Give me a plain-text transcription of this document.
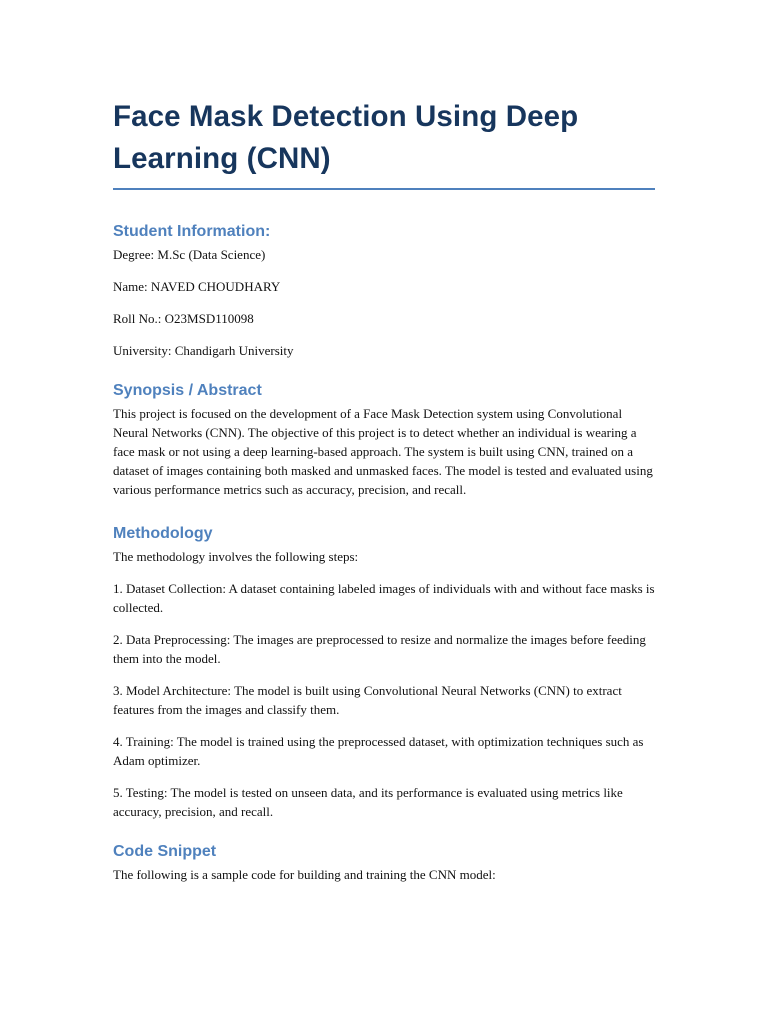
Face Mask Detection Using Deep Learning (CNN)
Student Information:

Degree: M.Sc (Data Science)

Name: NAVED CHOUDHARY

Roll No.: O23MSD110098

University: Chandigarh University

Synopsis / Abstract

This project is focused on the development of a Face Mask Detection system using Convolutional Neural Networks (CNN). The objective of this project is to detect whether an individual is wearing a face mask or not using a deep learning-based approach. The system is built using CNN, trained on a dataset of images containing both masked and unmasked faces. The model is tested and evaluated using various performance metrics such as accuracy, precision, and recall.

Methodology

The methodology involves the following steps:

1. Dataset Collection: A dataset containing labeled images of individuals with and without face masks is collected.

2. Data Preprocessing: The images are preprocessed to resize and normalize the images before feeding them into the model.

3. Model Architecture: The model is built using Convolutional Neural Networks (CNN) to extract features from the images and classify them.

4. Training: The model is trained using the preprocessed dataset, with optimization techniques such as Adam optimizer.

5. Testing: The model is tested on unseen data, and its performance is evaluated using metrics like accuracy, precision, and recall.

Code Snippet

The following is a sample code for building and training the CNN model:
